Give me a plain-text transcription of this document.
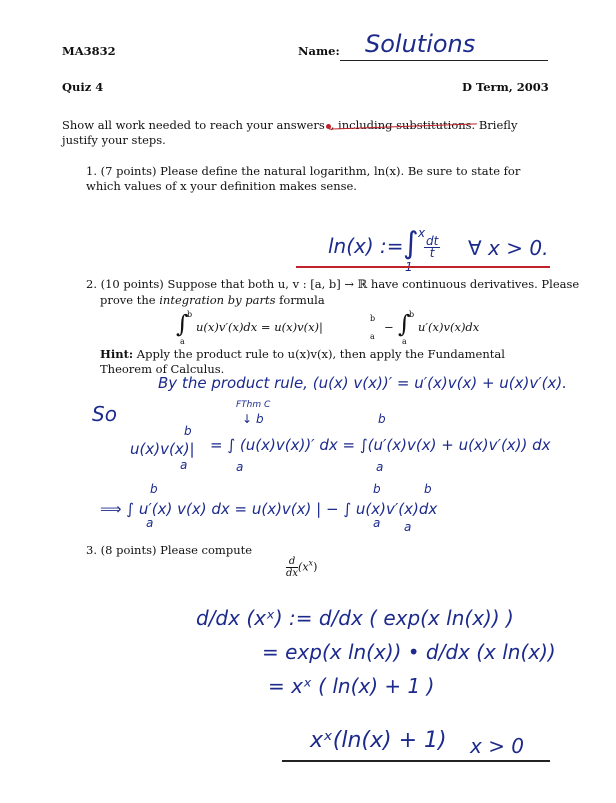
MA3832	Name: Solutions
Quiz 4	D Term, 2003
Show all work needed to reach your answers , including substitutions. Briefly justify your steps.
1. (7 points) Please define the natural logarithm, ln(x). Be sure to state for which values of x your definition makes sense.
ln(x) := ∫ x
$\frac{dt}{t}$ ∀ x > 0.
2. (10 points) Suppose that both u, v : [a, b] → ℝ have continuous derivatives. Please
prove the integration by parts formula
∫
b
a
u(x)v′(x)dx = u(x)v(x)|
b
a
− ∫
b
a
u′(x)v(x)dx
Hint: Apply the product rule to u(x)v(x), then apply the Fundamental Theorem of Calculus.
By the product rule, (u(x) v(x))′ = u′(x)v(x) + u(x)v′(x).
So	FThm C
↓
u(x)v(x)|
b
a
b
a
b
a
= ∫ (u(x)v(x))′ dx = ∫(u′(x)v(x) + u(x)v′(x)) dx
⟹ ∫ u′(x) v(x) dx = u(x)v(x) | − ∫ u(x)v′(x)dx
b
a
b
a
b
a
3. (8 points) Please compute
$\frac{d}{dx} (x^x)$
d/dx (xˣ) := d/dx ( exp(x ln(x)) )
= exp(x ln(x)) • d/dx (x ln(x))
= xˣ ( ln(x) + 1 )
xˣ(ln(x) + 1) x > 0
